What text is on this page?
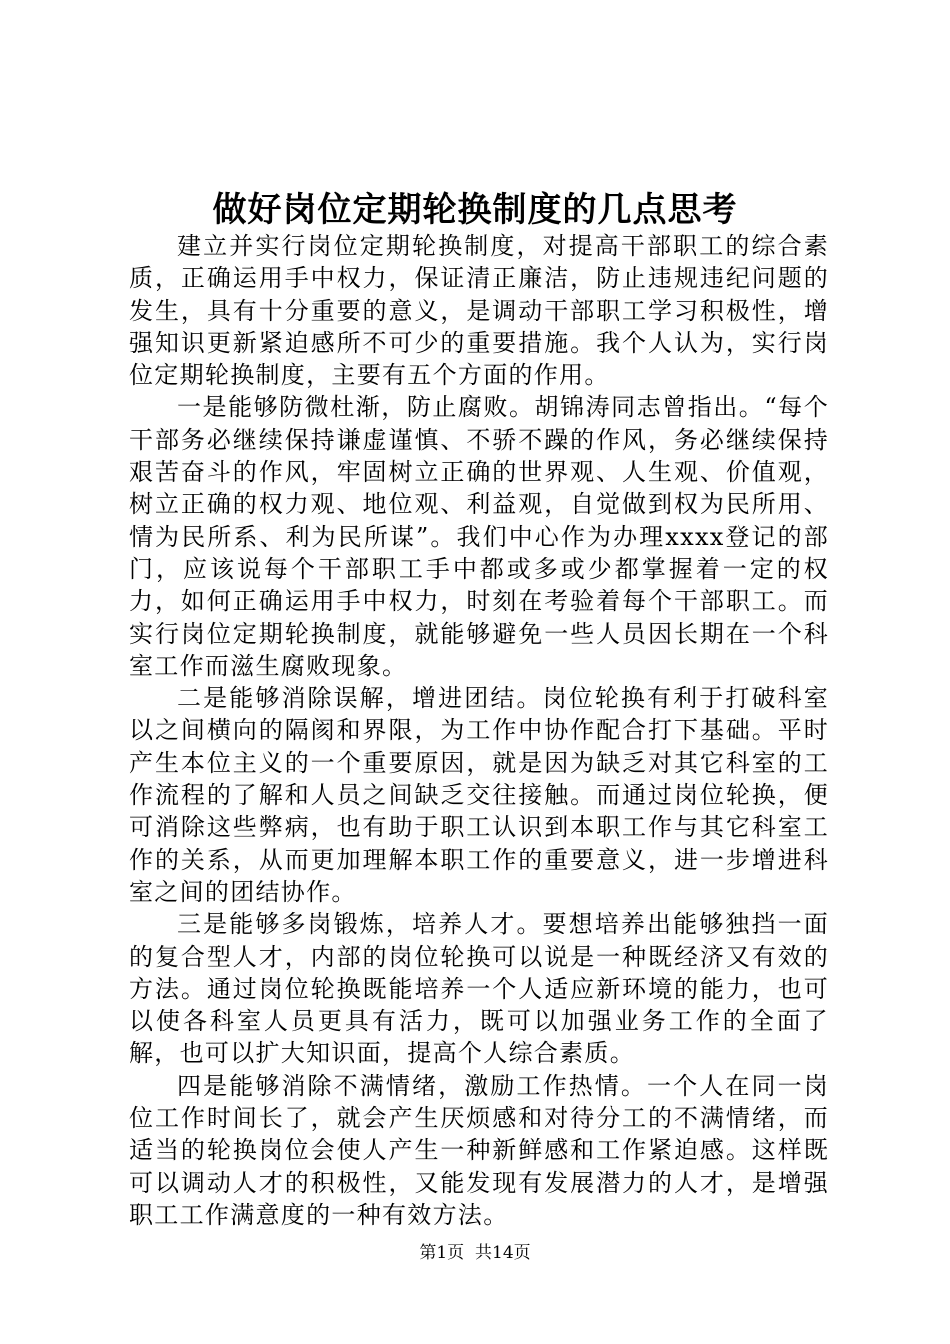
做好岗位定期轮换制度的几点思考

建立并实行岗位定期轮换制度，对提高干部职工的综合素质，正确运用手中权力，保证清正廉洁，防止违规违纪问题的发生，具有十分重要的意义，是调动干部职工学习积极性，增强知识更新紧迫感所不可少的重要措施。我个人认为，实行岗位定期轮换制度，主要有五个方面的作用。

一是能够防微杜渐，防止腐败。胡锦涛同志曾指出。“每个干部务必继续保持谦虚谨慎、不骄不躁的作风，务必继续保持艰苦奋斗的作风，牢固树立正确的世界观、人生观、价值观，树立正确的权力观、地位观、利益观，自觉做到权为民所用、情为民所系、利为民所谋”。我们中心作为办理xxxx登记的部门，应该说每个干部职工手中都或多或少都掌握着一定的权力，如何正确运用手中权力，时刻在考验着每个干部职工。而实行岗位定期轮换制度，就能够避免一些人员因长期在一个科室工作而滋生腐败现象。

二是能够消除误解，增进团结。岗位轮换有利于打破科室以之间横向的隔阂和界限，为工作中协作配合打下基础。平时产生本位主义的一个重要原因，就是因为缺乏对其它科室的工作流程的了解和人员之间缺乏交往接触。而通过岗位轮换，便可消除这些弊病，也有助于职工认识到本职工作与其它科室工作的关系，从而更加理解本职工作的重要意义，进一步增进科室之间的团结协作。

三是能够多岗锻炼，培养人才。要想培养出能够独挡一面的复合型人才，内部的岗位轮换可以说是一种既经济又有效的方法。通过岗位轮换既能培养一个人适应新环境的能力，也可以使各科室人员更具有活力，既可以加强业务工作的全面了解，也可以扩大知识面，提高个人综合素质。

四是能够消除不满情绪，激励工作热情。一个人在同一岗位工作时间长了，就会产生厌烦感和对待分工的不满情绪，而适当的轮换岗位会使人产生一种新鲜感和工作紧迫感。这样既可以调动人才的积极性，又能发现有发展潜力的人才，是增强职工工作满意度的一种有效方法。

第1页 共14页
